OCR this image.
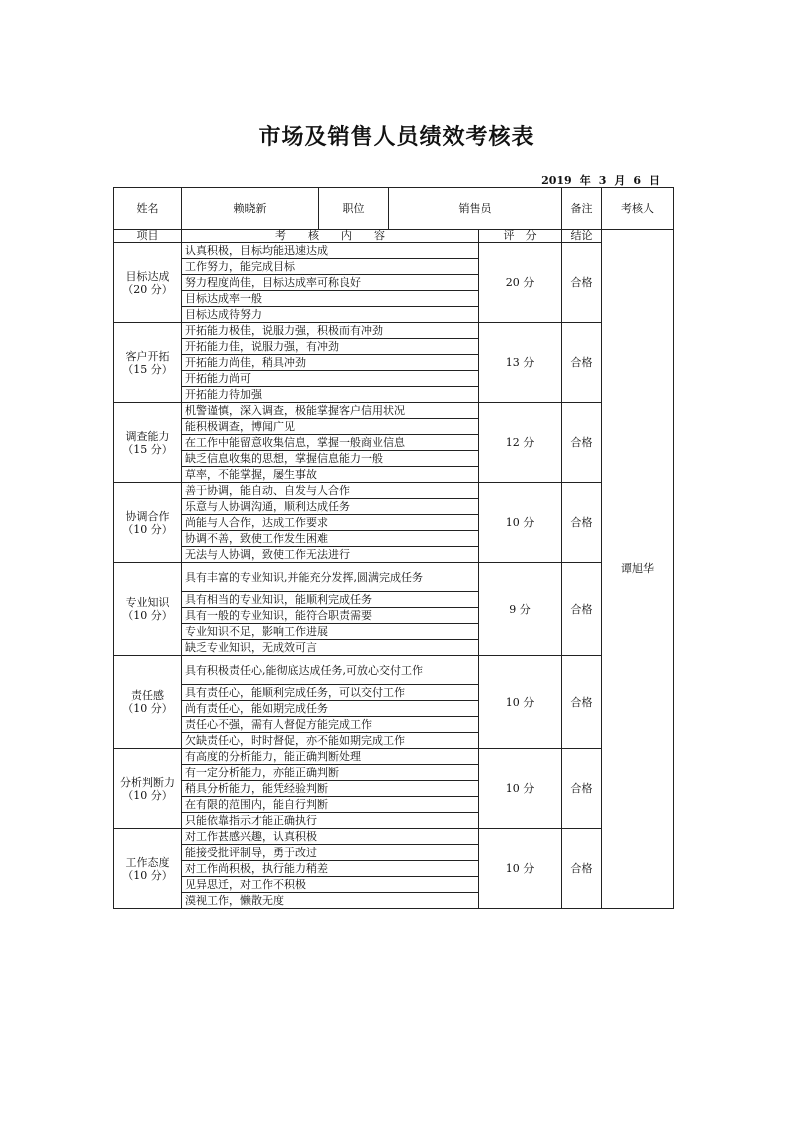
市场及销售人员绩效考核表
2019 年 3 月 6 日
姓名	赖晓新	职位	销售员		备注	考核人
项目	考　　核　　内　　容			评　分	结论	谭旭华

目标达成
（20 分）	认真积极，目标均能迅速达成			20 分	合格	
	工作努力，能完成目标					
	努力程度尚佳，目标达成率可称良好					
	目标达成率一般					
	目标达成待努力					

客户开拓
（15 分）	开拓能力极佳，说服力强，积极而有冲劲			13 分	合格	
	开拓能力佳，说服力强，有冲劲					
	开拓能力尚佳，稍具冲劲					
	开拓能力尚可					
	开拓能力待加强					

调查能力
（15 分）	机警谨慎，深入调查，极能掌握客户信用状况			12 分	合格	
	能积极调查，博闻广见					
	在工作中能留意收集信息，掌握一般商业信息					
	缺乏信息收集的思想，掌握信息能力一般					
	草率，不能掌握，屡生事故					

协调合作
（10 分）	善于协调，能自动、自发与人合作			10 分	合格	
	乐意与人协调沟通，顺利达成任务					
	尚能与人合作，达成工作要求					
	协调不善，致使工作发生困难					
	无法与人协调，致使工作无法进行					

专业知识
（10 分）	具有丰富的专业知识,并能充分发挥,圆满完成任务			9 分	合格	
	具有相当的专业知识，能顺利完成任务					
	具有一般的专业知识，能符合职责需要					
	专业知识不足，影响工作进展					
	缺乏专业知识，无成效可言					

责任感
（10 分）	具有积极责任心,能彻底达成任务,可放心交付工作			10 分	合格	
	具有责任心，能顺利完成任务，可以交付工作					
	尚有责任心，能如期完成任务					
	责任心不强，需有人督促方能完成工作					
	欠缺责任心，时时督促，亦不能如期完成工作					

分析判断力
（10 分）	有高度的分析能力，能正确判断处理			10 分	合格	
	有一定分析能力，亦能正确判断					
	稍具分析能力，能凭经验判断					
	在有限的范围内，能自行判断					
	只能依靠指示才能正确执行					

工作态度
（10 分）	对工作甚感兴趣，认真积极			10 分	合格	
	能接受批评制导，勇于改过					
	对工作尚积极，执行能力稍差					
	见异思迁，对工作不积极					
	漠视工作，懒散无度					
